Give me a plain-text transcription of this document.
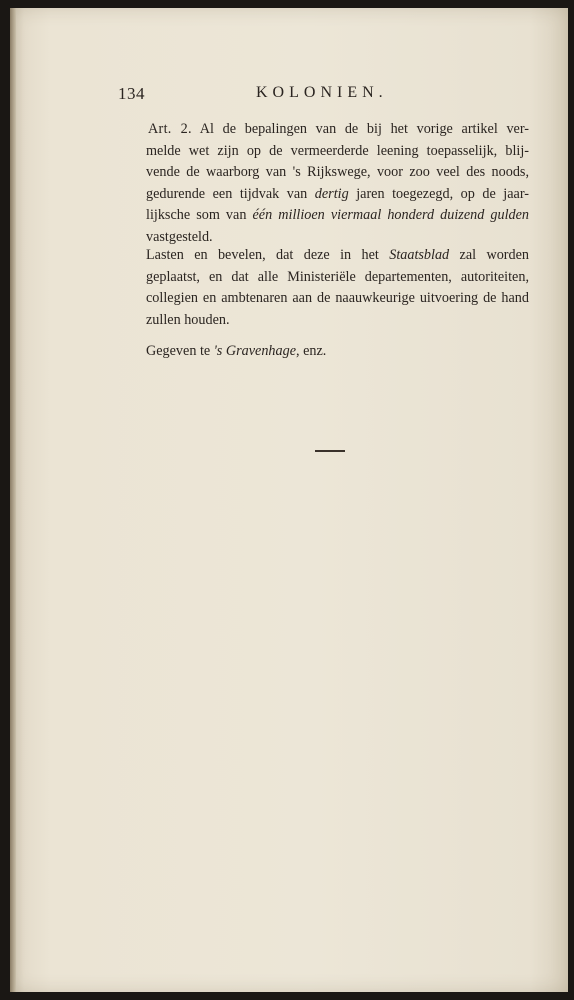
134	KOLONIEN.
Art. 2. Al de bepalingen van de bij het vorige artikel ver-
melde wet zijn op de vermeerderde leening toepasselijk, blij-
vende de waarborg van 's Rijkswege, voor zoo veel des noods,
gedurende een tijdvak van dertig jaren toegezegd, op de jaar-
lijksche som van één millioen viermaal honderd duizend gulden
vastgesteld.
Lasten en bevelen, dat deze in het Staatsblad zal worden
geplaatst, en dat alle Ministeriële departementen, autoriteiten,
collegien en ambtenaren aan de naauwkeurige uitvoering de hand
zullen houden.
Gegeven te 's Gravenhage, enz.
